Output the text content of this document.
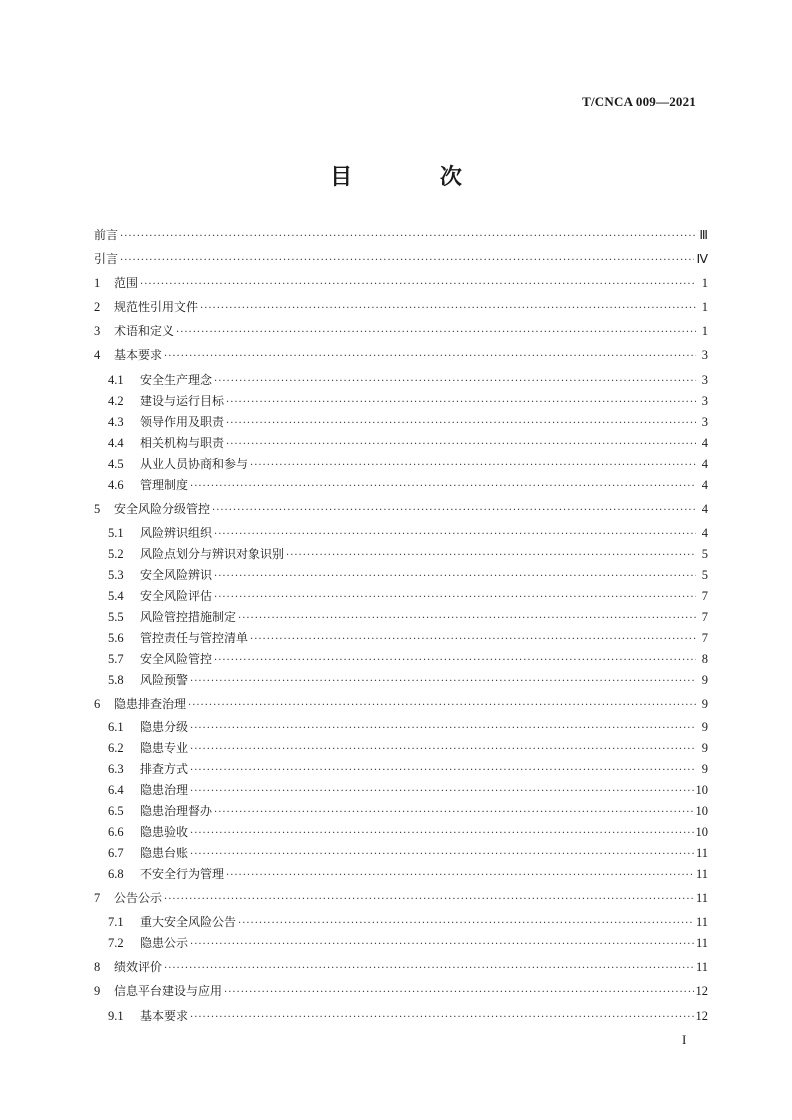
T/CNCA 009—2021
目 次
前言 ·····	Ⅲ
引言 ·····	Ⅳ
1	范围 ·····	1
2	规范性引用文件 ·····	1
3	术语和定义 ·····	1
4	基本要求 ·····	3
4.1	安全生产理念 ·····	3
4.2	建设与运行目标 ·····	3
4.3	领导作用及职责 ·····	3
4.4	相关机构与职责 ·····	4
4.5	从业人员协商和参与 ·····	4
4.6	管理制度 ·····	4
5	安全风险分级管控 ·····	4
5.1	风险辨识组织 ·····	4
5.2	风险点划分与辨识对象识别 ·····	5
5.3	安全风险辨识 ·····	5
5.4	安全风险评估 ·····	7
5.5	风险管控措施制定 ·····	7
5.6	管控责任与管控清单 ·····	7
5.7	安全风险管控 ·····	8
5.8	风险预警 ·····	9
6	隐患排查治理 ·····	9
6.1	隐患分级 ·····	9
6.2	隐患专业 ·····	9
6.3	排查方式 ·····	9
6.4	隐患治理 ·····	10
6.5	隐患治理督办 ·····	10
6.6	隐患验收 ·····	10
6.7	隐患台账 ·····	11
6.8	不安全行为管理 ·····	11
7	公告公示 ·····	11
7.1	重大安全风险公告 ·····	11
7.2	隐患公示 ·····	11
8	绩效评价 ·····	11
9	信息平台建设与应用 ·····	12
9.1	基本要求 ·····	12
I
